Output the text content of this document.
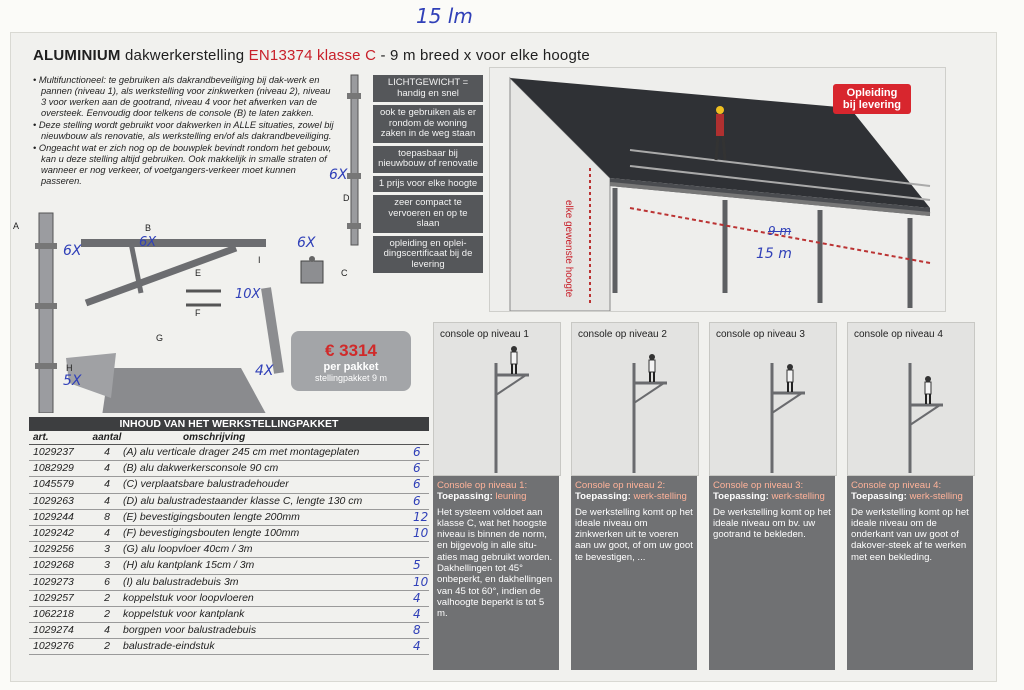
15 lm
ALUMINIUM dakwerkerstelling EN13374 klasse C - 9 m breed x voor elke hoogte

• Multifunctioneel: te gebruiken als dakrandbeveiliging bij dak-werk en pannen (niveau 1), als werkstelling voor zinkwerken (niveau 2), niveau 3 voor werken aan de gootrand, niveau 4 voor het afwerken van de oversteek. Eenvoudig door telkens de console (B) te laten zakken.

• Deze stelling wordt gebruikt voor dakwerken in ALLE situaties, zowel bij nieuwbouw als renovatie, als werkstelling en/of als dakrandbeveiliging.

• Ongeacht wat er zich nog op de bouwplek bevindt rondom het gebouw, kan u deze stelling altijd gebruiken. Ook makkelijk in smalle straten of wanneer er nog verkeer, of voetgangers-verkeer moet kunnen passeren.	6X
D
LICHTGEWICHT = handig en snel
ook te gebruiken als er rondom de woning zaken in de weg staan
toepasbaar bij nieuwbouw of renovatie
1 prijs voor elke hoogte
zeer compact te vervoeren en op te slaan
opleiding en oplei-dingscertificaat bij de levering
Opleiding
bij levering
elke gewenste hoogte	9 m
15 m
A	B
C
E
F
G
H
I
6X
6X	6X
10X
4X
5X
€ 3314
per pakket
stellingpakket 9 m
INHOUD VAN HET WERKSTELLINGPAKKET
art.	aantal	omschrijving
1029237	4	(A) alu verticale drager 245 cm met montageplaten	6
1082929	4	(B) alu dakwerkersconsole 90 cm	6
1045579	4	(C) verplaatsbare balustradehouder	6
1029263	4	(D) alu balustradestaander klasse C, lengte 130 cm	6
1029244	8	(E) bevestigingsbouten lengte 200mm	12
1029242	4	(F) bevestigingsbouten lengte 100mm	10
1029256	3	(G) alu loopvloer 40cm / 3m
1029268	3	(H) alu kantplank 15cm / 3m	5
1029273	6	(I) alu balustradebuis 3m	10
1029257	2	koppelstuk voor loopvloeren	4
1062218	2	koppelstuk voor kantplank	4
1029274	4	borgpen voor balustradebuis	8
1029276	2	balustrade-eindstuk	4
console op niveau 1
Console op niveau 1:
Toepassing: leuning
Het systeem voldoet aan klasse C, wat het hoogste niveau is binnen de norm, en bijgevolg in alle situ-aties mag gebruikt worden. Dakhellingen tot 45° onbeperkt, en dakhellingen van 45 tot 60°, indien de valhoogte beperkt is tot 5 m.
console op niveau 2
Console op niveau 2:
Toepassing: werk-stelling
De werkstelling komt op het ideale niveau om zinkwerken uit te voeren aan uw goot, of om uw goot te bevestigen, ...
console op niveau 3
Console op niveau 3:
Toepassing: werk-stelling
De werkstelling komt op het ideale niveau om bv. uw gootrand te bekleden.
console op niveau 4
Console op niveau 4:
Toepassing: werk-stelling
De werkstelling komt op het ideale niveau om de onderkant van uw goot of dakover-steek af te werken met een bekleding.
